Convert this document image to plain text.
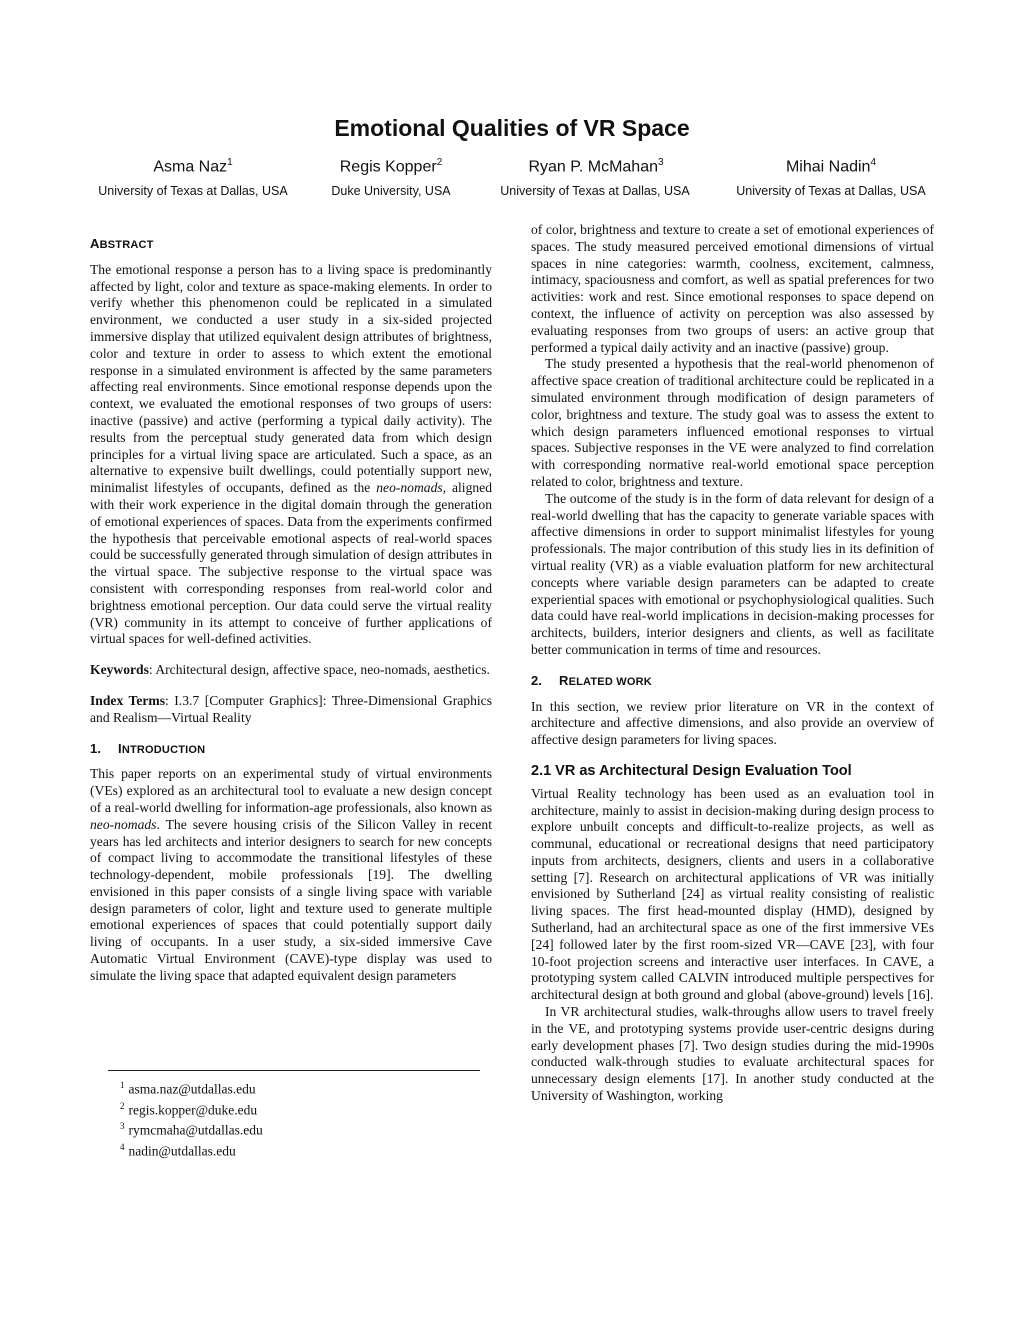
Emotional Qualities of VR Space
Asma Naz$^1$	Regis Kopper$^2$	Ryan P. McMahan$^3$	Mihai Nadin$^4$
University of Texas at Dallas, USA	Duke University, USA	University of Texas at Dallas, USA	University of Texas at Dallas, USA
ABSTRACT

The emotional response a person has to a living space is predominantly affected by light, color and texture as space-making elements. In order to verify whether this phenomenon could be replicated in a simulated environment, we conducted a user study in a six-sided projected immersive display that utilized equivalent design attributes of brightness, color and texture in order to assess to which extent the emotional response in a simulated environment is affected by the same parameters affecting real environments. Since emotional response depends upon the context, we evaluated the emotional responses of two groups of users: inactive (passive) and active (performing a typical daily activity). The results from the perceptual study generated data from which design principles for a virtual living space are articulated. Such a space, as an alternative to expensive built dwellings, could potentially support new, minimalist lifestyles of occupants, defined as the neo-nomads, aligned with their work experience in the digital domain through the generation of emotional experiences of spaces. Data from the experiments confirmed the hypothesis that perceivable emotional aspects of real-world spaces could be successfully generated through simulation of design attributes in the virtual space. The subjective response to the virtual space was consistent with corresponding responses from real-world color and brightness emotional perception. Our data could serve the virtual reality (VR) community in its attempt to conceive of further applications of virtual spaces for well-defined activities.

Keywords: Architectural design, affective space, neo-nomads, aesthetics.

Index Terms: I.3.7 [Computer Graphics]: Three-Dimensional Graphics and Realism—Virtual Reality

1. INTRODUCTION

This paper reports on an experimental study of virtual environments (VEs) explored as an architectural tool to evaluate a new design concept of a real-world dwelling for information-age professionals, also known as neo-nomads. The severe housing crisis of the Silicon Valley in recent years has led architects and interior designers to search for new concepts of compact living to accommodate the transitional lifestyles of these technology-dependent, mobile professionals [19]. The dwelling envisioned in this paper consists of a single living space with variable design parameters of color, light and texture used to generate multiple emotional experiences of spaces that could potentially support daily living of occupants. In a user study, a six-sided immersive Cave Automatic Virtual Environment (CAVE)-type display was used to simulate the living space that adapted equivalent design parameters

$^1$ asma.naz@utdallas.edu
$^2$ regis.kopper@duke.edu
$^3$ rymcmaha@utdallas.edu
$^4$ nadin@utdallas.edu

of color, brightness and texture to create a set of emotional experiences of spaces. The study measured perceived emotional dimensions of virtual spaces in nine categories: warmth, coolness, excitement, calmness, intimacy, spaciousness and comfort, as well as spatial preferences for two activities: work and rest. Since emotional responses to space depend on context, the influence of activity on perception was also assessed by evaluating responses from two groups of users: an active group that performed a typical daily activity and an inactive (passive) group.

The study presented a hypothesis that the real-world phenomenon of affective space creation of traditional architecture could be replicated in a simulated environment through modification of design parameters of color, brightness and texture. The study goal was to assess the extent to which design parameters influenced emotional responses to virtual spaces. Subjective responses in the VE were analyzed to find correlation with corresponding normative real-world emotional space perception related to color, brightness and texture.

The outcome of the study is in the form of data relevant for design of a real-world dwelling that has the capacity to generate variable spaces with affective dimensions in order to support minimalist lifestyles for young professionals. The major contribution of this study lies in its definition of virtual reality (VR) as a viable evaluation platform for new architectural concepts where variable design parameters can be adapted to create experiential spaces with emotional or psychophysiological qualities. Such data could have real-world implications in decision-making processes for architects, builders, interior designers and clients, as well as facilitate better communication in terms of time and resources.

2. RELATED WORK

In this section, we review prior literature on VR in the context of architecture and affective dimensions, and also provide an overview of affective design parameters for living spaces.

2.1 VR as Architectural Design Evaluation Tool

Virtual Reality technology has been used as an evaluation tool in architecture, mainly to assist in decision-making during design process to explore unbuilt concepts and difficult-to-realize projects, as well as communal, educational or recreational designs that need participatory inputs from architects, designers, clients and users in a collaborative setting [7]. Research on architectural applications of VR was initially envisioned by Sutherland [24] as virtual reality consisting of realistic living spaces. The first head-mounted display (HMD), designed by Sutherland, had an architectural space as one of the first immersive VEs [24] followed later by the first room-sized VR—CAVE [23], with four 10-foot projection screens and interactive user interfaces. In CAVE, a prototyping system called CALVIN introduced multiple perspectives for architectural design at both ground and global (above-ground) levels [16].

In VR architectural studies, walk-throughs allow users to travel freely in the VE, and prototyping systems provide user-centric designs during early development phases [7]. Two design studies during the mid-1990s conducted walk-through studies to evaluate architectural spaces for unnecessary design elements [17]. In another study conducted at the University of Washington, working
